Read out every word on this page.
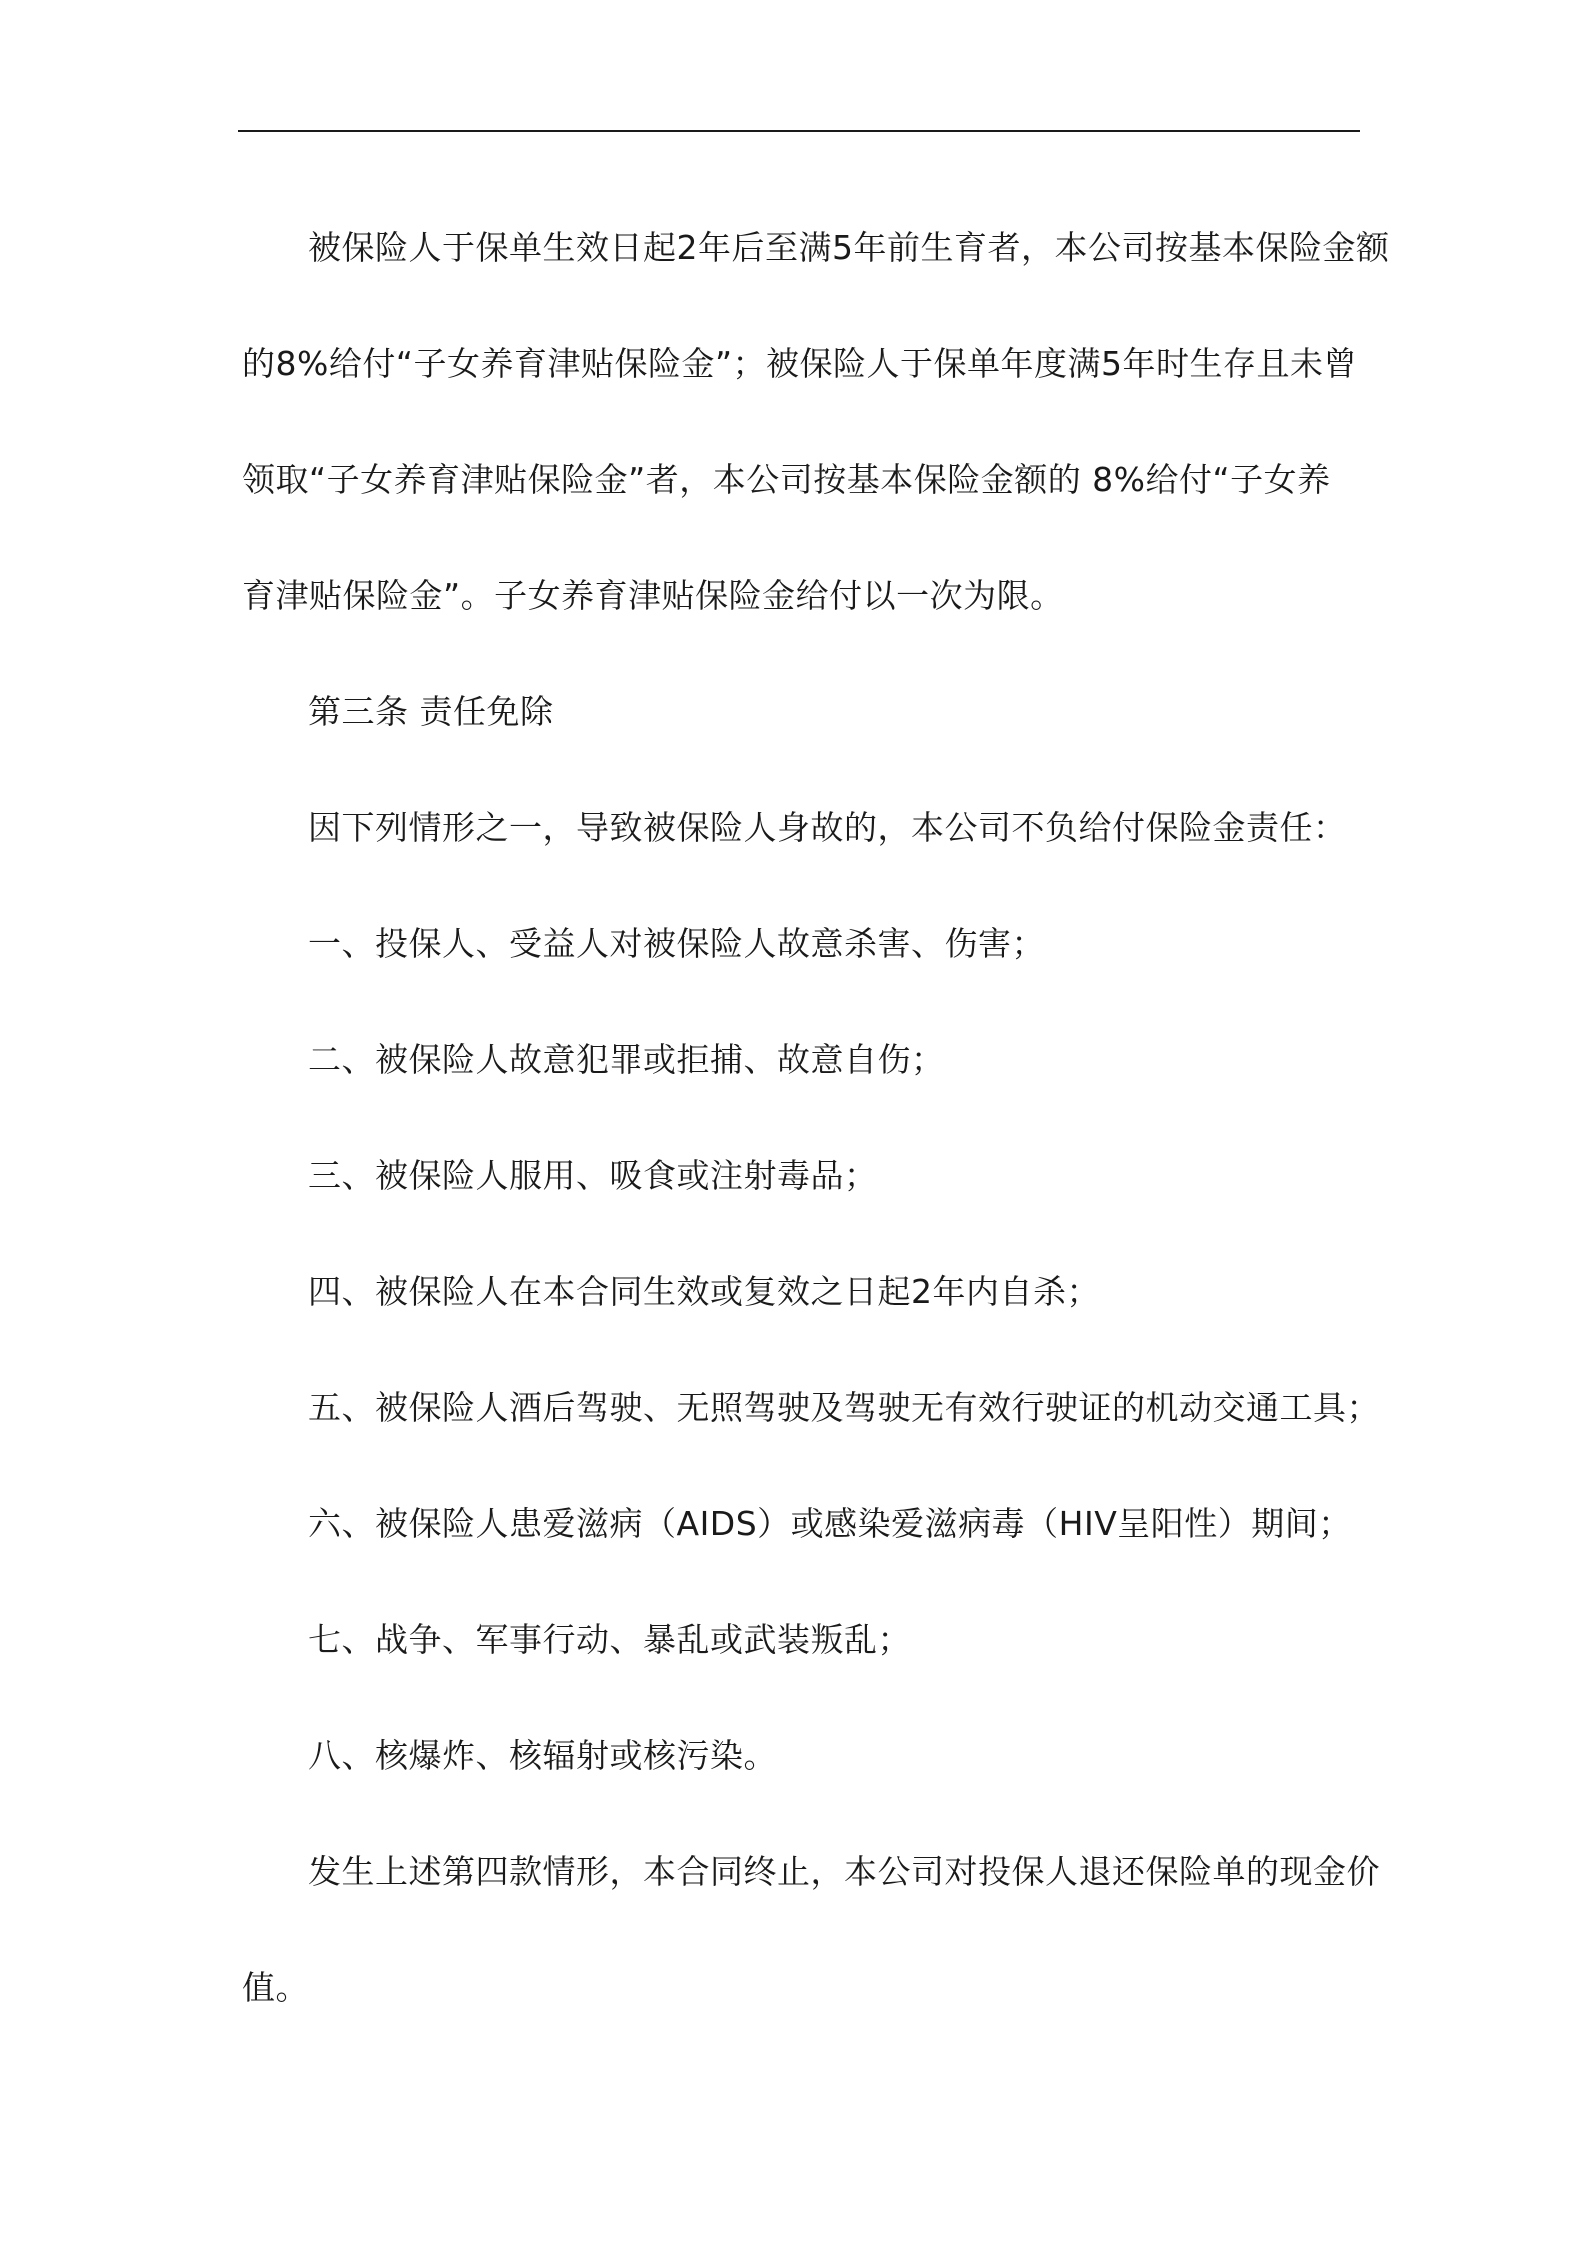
被保险人于保单生效日起2年后至满5年前生育者，本公司按基本保险金额
的8%给付“子女养育津贴保险金”；被保险人于保单年度满5年时生存且未曾
领取“子女养育津贴保险金”者，本公司按基本保险金额的 8%给付“子女养
育津贴保险金”。子女养育津贴保险金给付以一次为限。
第三条 责任免除
因下列情形之一，导致被保险人身故的，本公司不负给付保险金责任：
一、投保人、受益人对被保险人故意杀害、伤害；
二、被保险人故意犯罪或拒捕、故意自伤；
三、被保险人服用、吸食或注射毒品；
四、被保险人在本合同生效或复效之日起2年内自杀；
五、被保险人酒后驾驶、无照驾驶及驾驶无有效行驶证的机动交通工具；
六、被保险人患爱滋病（AIDS）或感染爱滋病毒（HIV呈阳性）期间；
七、战争、军事行动、暴乱或武装叛乱；
八、核爆炸、核辐射或核污染。
发生上述第四款情形，本合同终止，本公司对投保人退还保险单的现金价
值。
